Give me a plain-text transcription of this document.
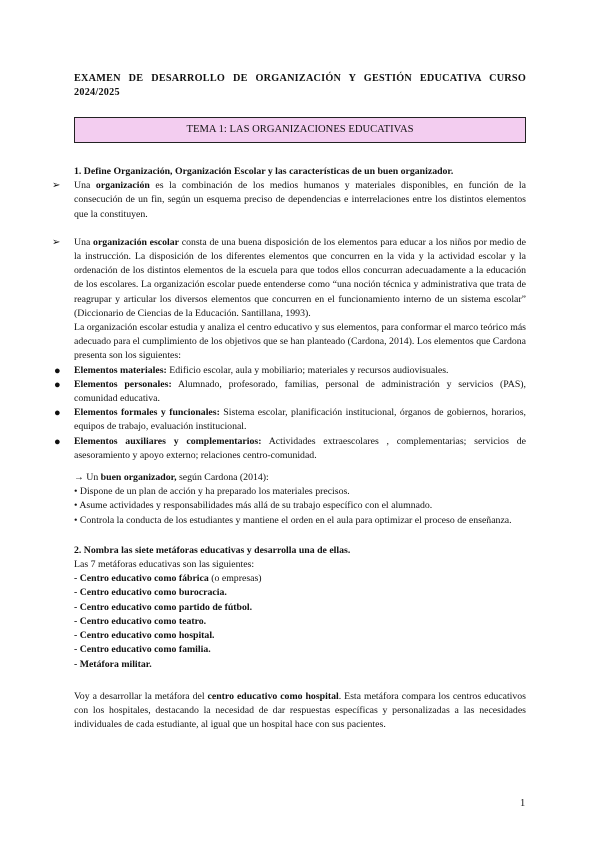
EXAMEN DE DESARROLLO DE ORGANIZACIÓN Y GESTIÓN EDUCATIVA CURSO 2024/2025
TEMA 1: LAS ORGANIZACIONES EDUCATIVAS
1. Define Organización, Organización Escolar y las características de un buen organizador.
➢ Una organización es la combinación de los medios humanos y materiales disponibles, en función de la consecución de un fin, según un esquema preciso de dependencias e interrelaciones entre los distintos elementos que la constituyen.
➢ Una organización escolar consta de una buena disposición de los elementos para educar a los niños por medio de la instrucción. La disposición de los diferentes elementos que concurren en la vida y la actividad escolar y la ordenación de los distintos elementos de la escuela para que todos ellos concurran adecuadamente a la educación de los escolares. La organización escolar puede entenderse como “una noción técnica y administrativa que trata de reagrupar y articular los diversos elementos que concurren en el funcionamiento interno de un sistema escolar” (Diccionario de Ciencias de la Educación. Santillana, 1993).
La organización escolar estudia y analiza el centro educativo y sus elementos, para conformar el marco teórico más adecuado para el cumplimiento de los objetivos que se han planteado (Cardona, 2014). Los elementos que Cardona presenta son los siguientes:
● Elementos materiales: Edificio escolar, aula y mobiliario; materiales y recursos audiovisuales.
● Elementos personales: Alumnado, profesorado, familias, personal de administración y servicios (PAS), comunidad educativa.
● Elementos formales y funcionales: Sistema escolar, planificación institucional, órganos de gobiernos, horarios, equipos de trabajo, evaluación institucional.
● Elementos auxiliares y complementarios: Actividades extraescolares , complementarias; servicios de asesoramiento y apoyo externo; relaciones centro-comunidad.
→ Un buen organizador, según Cardona (2014):
• Dispone de un plan de acción y ha preparado los materiales precisos.
• Asume actividades y responsabilidades más allá de su trabajo específico con el alumnado.
• Controla la conducta de los estudiantes y mantiene el orden en el aula para optimizar el proceso de enseñanza.
2. Nombra las siete metáforas educativas y desarrolla una de ellas.
Las 7 metáforas educativas son las siguientes:
- Centro educativo como fábrica (o empresas)
- Centro educativo como burocracia.
- Centro educativo como partido de fútbol.
- Centro educativo como teatro.
- Centro educativo como hospital.
- Centro educativo como familia.
- Metáfora militar.
Voy a desarrollar la metáfora del centro educativo como hospital. Esta metáfora compara los centros educativos con los hospitales, destacando la necesidad de dar respuestas específicas y personalizadas a las necesidades individuales de cada estudiante, al igual que un hospital hace con sus pacientes.
1
